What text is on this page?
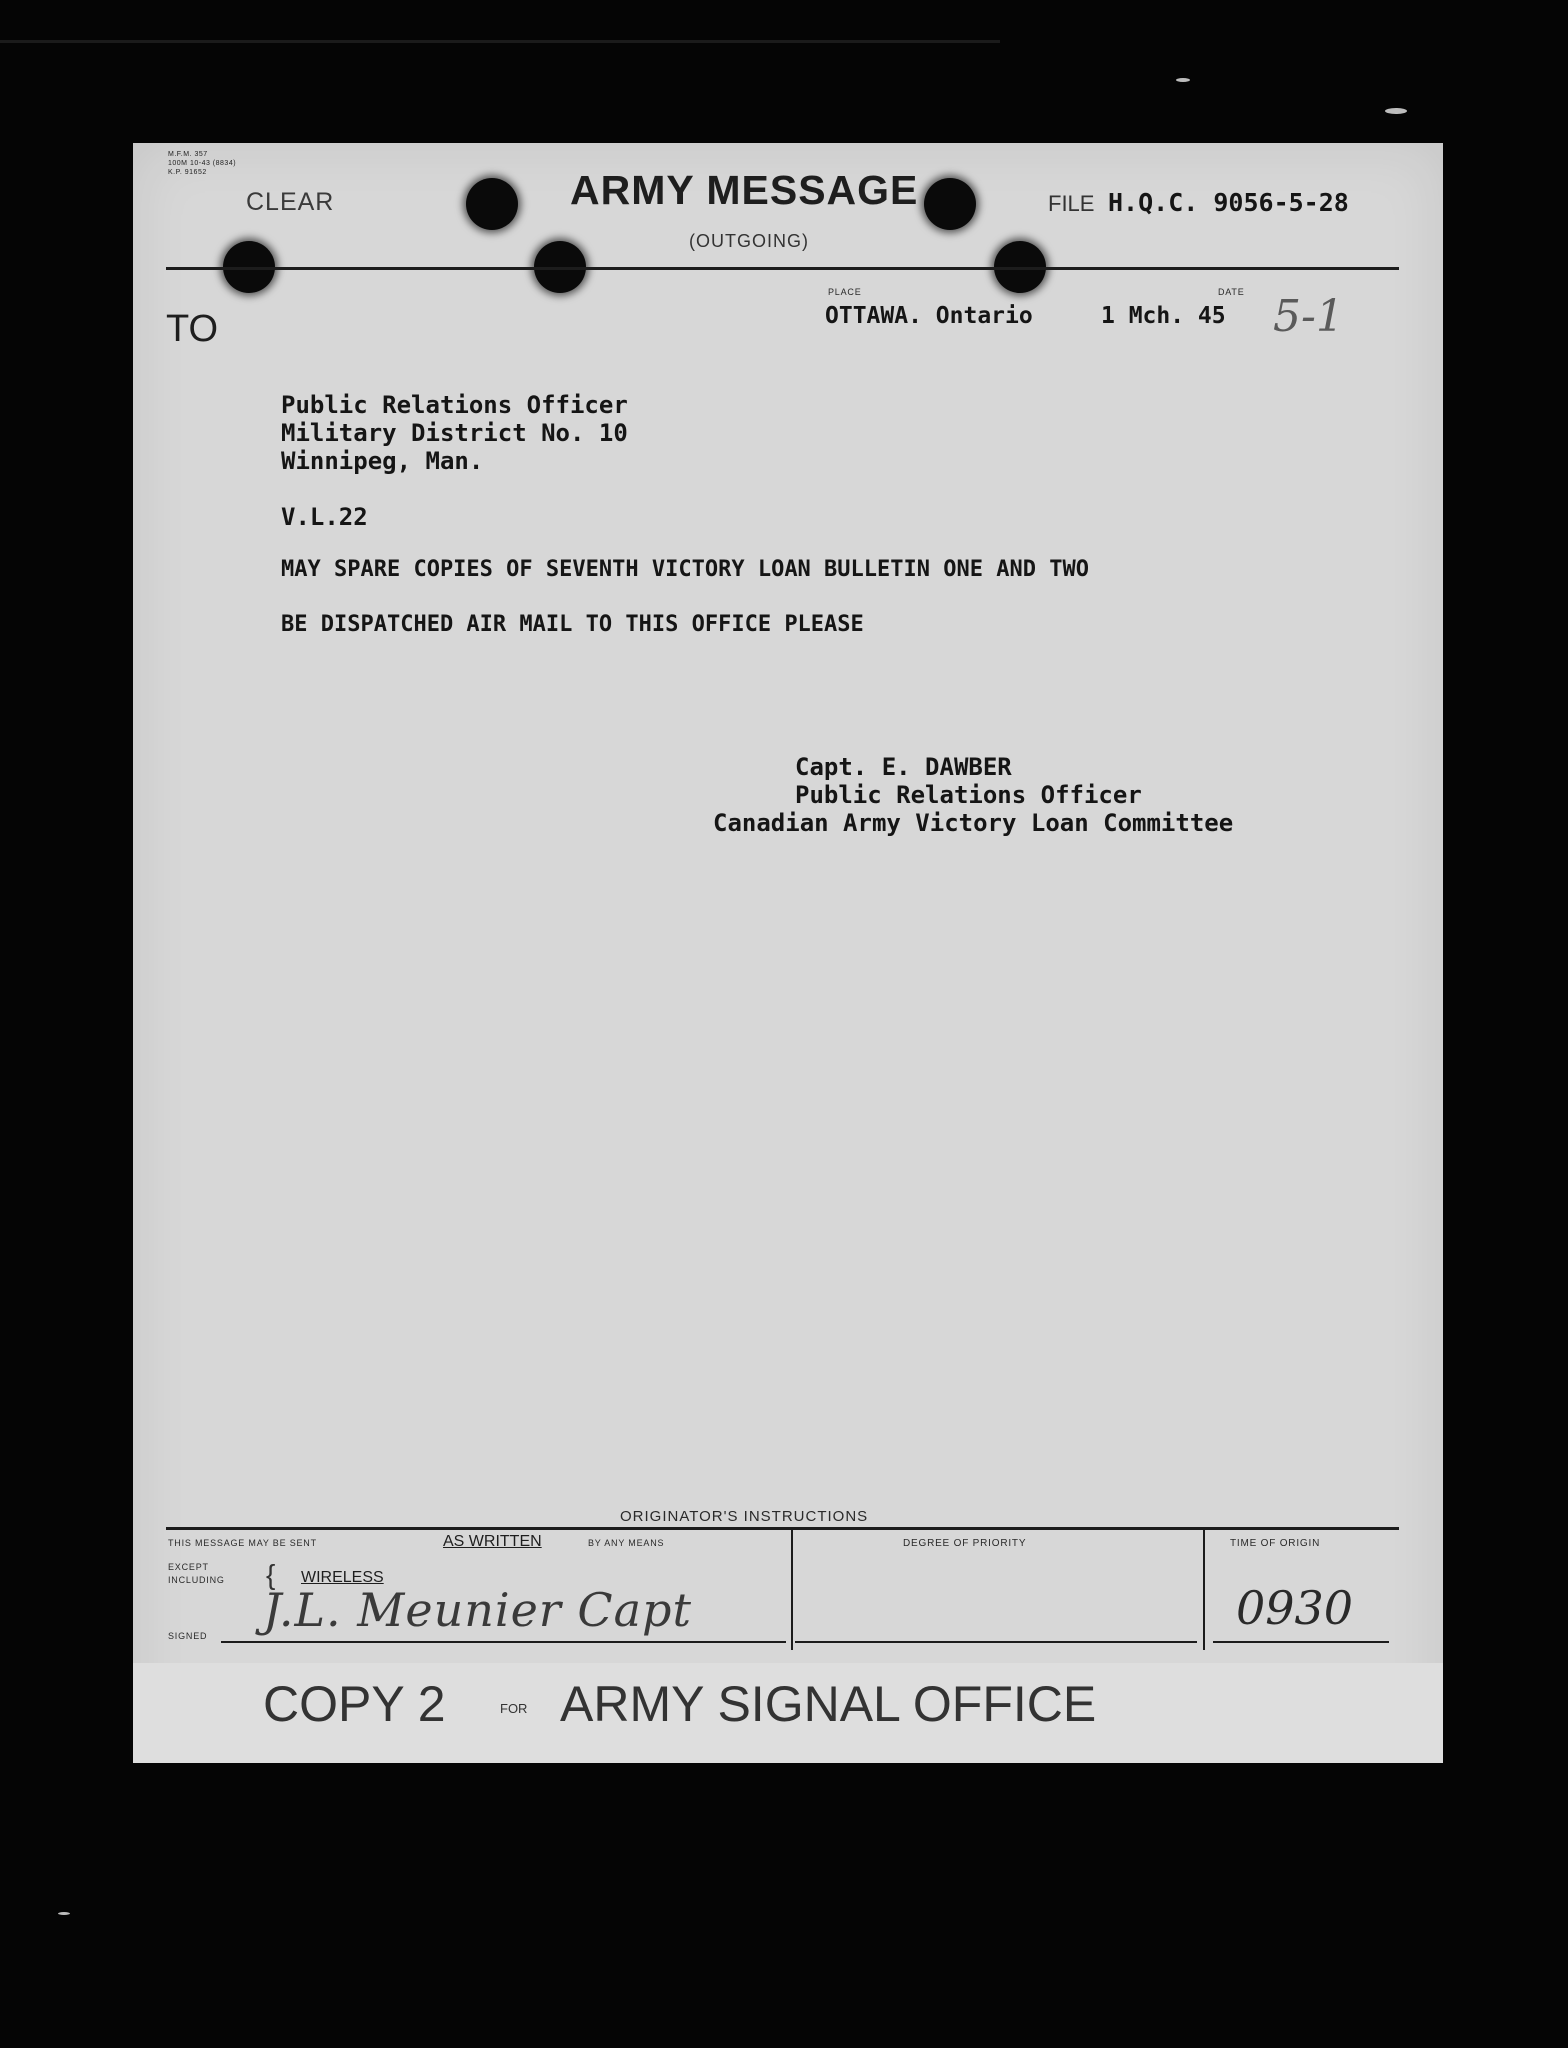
M.F.M. 357
100M 10-43 (8834)
K.P. 91652
CLEAR	ARMY MESSAGE
(OUTGOING)
FILE H.Q.C. 9056-5-28
PLACE	DATE
TO	OTTAWA. Ontario	1 Mch. 45 5-1
Public Relations Officer
Military District No. 10
Winnipeg, Man.
V.L.22
MAY SPARE COPIES OF SEVENTH VICTORY LOAN BULLETIN ONE AND TWO
BE DISPATCHED AIR MAIL TO THIS OFFICE PLEASE
Capt. E. DAWBER
Public Relations Officer
Canadian Army Victory Loan Committee
ORIGINATOR'S INSTRUCTIONS
THIS MESSAGE MAY BE SENT	AS WRITTEN	BY ANY MEANS
EXCEPT
INCLUDING { WIRELESS
SIGNED J.L. Meunier Capt
DEGREE OF PRIORITY	TIME OF ORIGIN
0930
COPY 2	FOR ARMY SIGNAL OFFICE
